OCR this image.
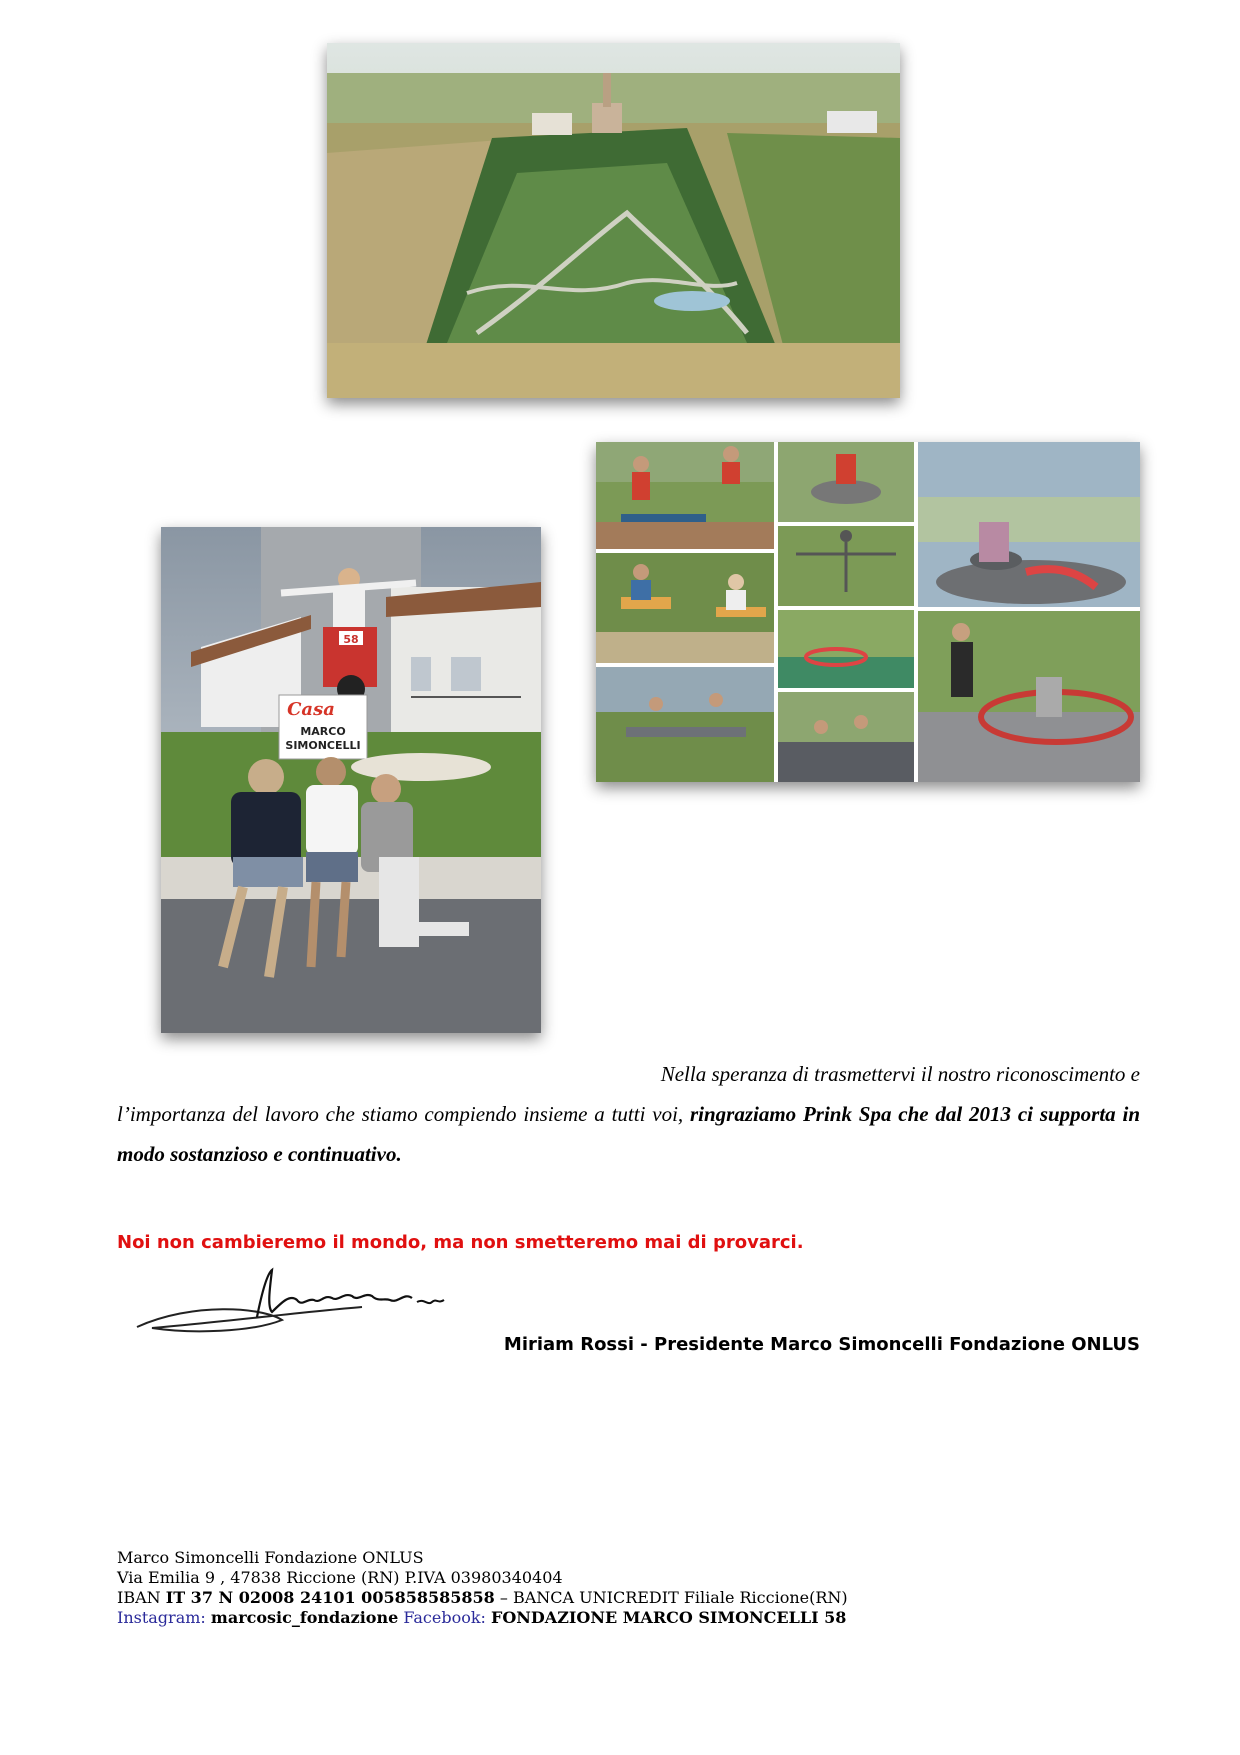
58
Casa
MARCO
SIMONCELLI
Nella speranza di trasmettervi il nostro riconoscimento e
l’importanza del lavoro che stiamo compiendo insieme a tutti voi, ringraziamo Prink Spa che dal 2013 ci supporta in modo sostanzioso e continuativo.
Noi non cambieremo il mondo, ma non smetteremo mai di provarci.
Miriam Rossi - Presidente Marco Simoncelli Fondazione ONLUS
Marco Simoncelli Fondazione ONLUS
Via Emilia 9 , 47838 Riccione (RN) P.IVA 03980340404
IBAN IT 37 N 02008 24101 005858585858 – BANCA UNICREDIT Filiale Riccione(RN)
Instagram: marcosic_fondazione Facebook: FONDAZIONE MARCO SIMONCELLI 58
